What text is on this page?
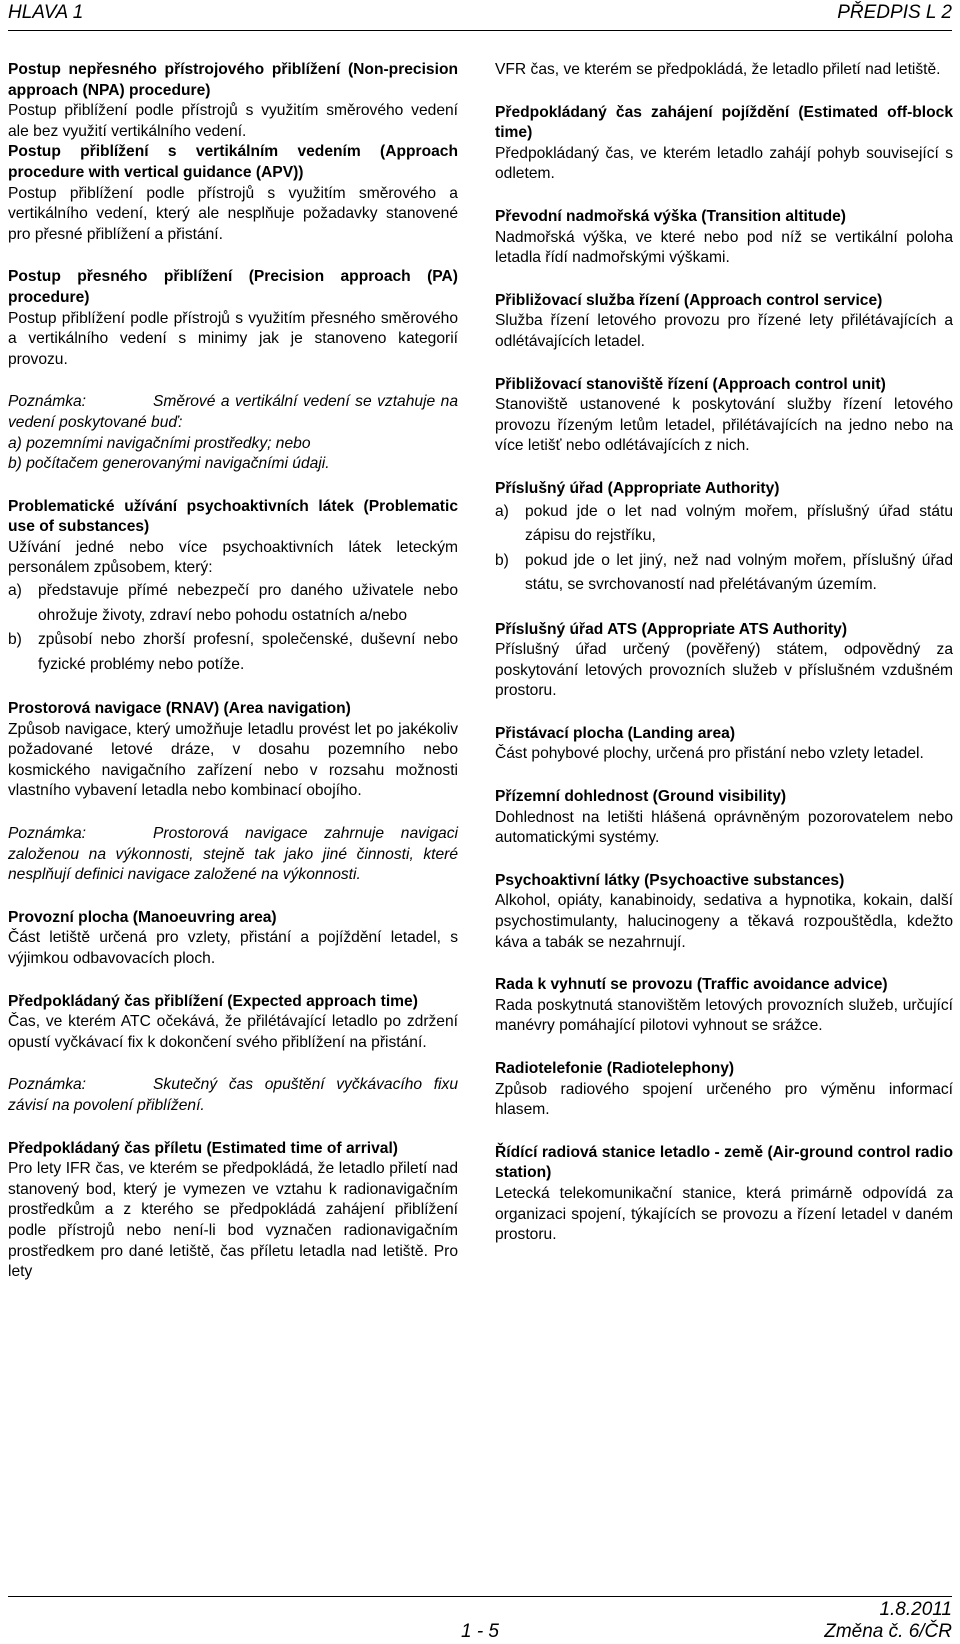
HLAVA 1	PŘEDPIS L 2
Postup nepřesného přístrojového přiblížení (Non-precision approach (NPA) procedure)
Postup přiblížení podle přístrojů s využitím směrového vedení ale bez využití vertikálního vedení.
Postup přiblížení s vertikálním vedením (Approach procedure with vertical guidance (APV))
Postup přiblížení podle přístrojů s využitím směrového a vertikálního vedení, který ale nesplňuje požadavky stanovené pro přesné přiblížení a přistání.
Postup přesného přiblížení (Precision approach (PA) procedure)
Postup přiblížení podle přístrojů s využitím přesného směrového a vertikálního vedení s minimy jak je stanoveno kategorií provozu.
Poznámka:	Směrové a vertikální vedení se vztahuje na vedení poskytované buď:
a) pozemními navigačními prostředky; nebo
b) počítačem generovanými navigačními údaji.
Problematické užívání psychoaktivních látek (Problematic use of substances)
Užívání jedné nebo více psychoaktivních látek leteckým personálem způsobem, který:
a) představuje přímé nebezpečí pro daného uživatele nebo ohrožuje životy, zdraví nebo pohodu ostatních a/nebo
b) způsobí nebo zhorší profesní, společenské, duševní nebo fyzické problémy nebo potíže.
Prostorová navigace (RNAV) (Area navigation)
Způsob navigace, který umožňuje letadlu provést let po jakékoliv požadované letové dráze, v dosahu pozemního nebo kosmického navigačního zařízení nebo v rozsahu možnosti vlastního vybavení letadla nebo kombinací obojího.
Poznámka:	Prostorová navigace zahrnuje navigaci založenou na výkonnosti, stejně tak jako jiné činnosti, které nesplňují definici navigace založené na výkonnosti.
Provozní plocha (Manoeuvring area)
Část letiště určená pro vzlety, přistání a pojíždění letadel, s výjimkou odbavovacích ploch.
Předpokládaný čas přiblížení (Expected approach time)
Čas, ve kterém ATC očekává, že přilétávající letadlo po zdržení opustí vyčkávací fix k dokončení svého přiblížení na přistání.
Poznámka:	Skutečný čas opuštění vyčkávacího fixu závisí na povolení přiblížení.
Předpokládaný čas příletu (Estimated time of arrival)
Pro lety IFR čas, ve kterém se předpokládá, že letadlo přiletí nad stanovený bod, který je vymezen ve vztahu k radionavigačním prostředkům a z kterého se předpokládá zahájení přiblížení podle přístrojů nebo není-li bod vyznačen radionavigačním prostředkem pro dané letiště, čas příletu letadla nad letiště. Pro lety
VFR čas, ve kterém se předpokládá, že letadlo přiletí nad letiště.
Předpokládaný čas zahájení pojíždění (Estimated off-block time)
Předpokládaný čas, ve kterém letadlo zahájí pohyb související s odletem.
Převodní nadmořská výška (Transition altitude)
Nadmořská výška, ve které nebo pod níž se vertikální poloha letadla řídí nadmořskými výškami.
Přibližovací služba řízení (Approach control service)
Služba řízení letového provozu pro řízené lety přilétávajících a odlétávajících letadel.
Přibližovací stanoviště řízení (Approach control unit)
Stanoviště ustanovené k poskytování služby řízení letového provozu řízeným letům letadel, přilétávajících na jedno nebo na více letišť nebo odlétávajících z nich.
Příslušný úřad (Appropriate Authority)
a) pokud jde o let nad volným mořem, příslušný úřad státu zápisu do rejstříku,
b) pokud jde o let jiný, než nad volným mořem, příslušný úřad státu, se svrchovaností nad přelétávaným územím.
Příslušný úřad ATS (Appropriate ATS Authority)
Příslušný úřad určený (pověřený) státem, odpovědný za poskytování letových provozních služeb v příslušném vzdušném prostoru.
Přistávací plocha (Landing area)
Část pohybové plochy, určená pro přistání nebo vzlety letadel.
Přízemní dohlednost (Ground visibility)
Dohlednost na letišti hlášená oprávněným pozorovatelem nebo automatickými systémy.
Psychoaktivní látky (Psychoactive substances)
Alkohol, opiáty, kanabinoidy, sedativa a hypnotika, kokain, další psychostimulanty, halucinogeny a těkavá rozpouštědla, kdežto káva a tabák se nezahrnují.
Rada k vyhnutí se provozu (Traffic avoidance advice)
Rada poskytnutá stanovištěm letových provozních služeb, určující manévry pomáhající pilotovi vyhnout se srážce.
Radiotelefonie (Radiotelephony)
Způsob radiového spojení určeného pro výměnu informací hlasem.
Řídící radiová stanice letadlo - země (Air-ground control radio station)
Letecká telekomunikační stanice, která primárně odpovídá za organizaci spojení, týkajících se provozu a řízení letadel v daném prostoru.
1 - 5
1.8.2011
Změna č. 6/ČR
